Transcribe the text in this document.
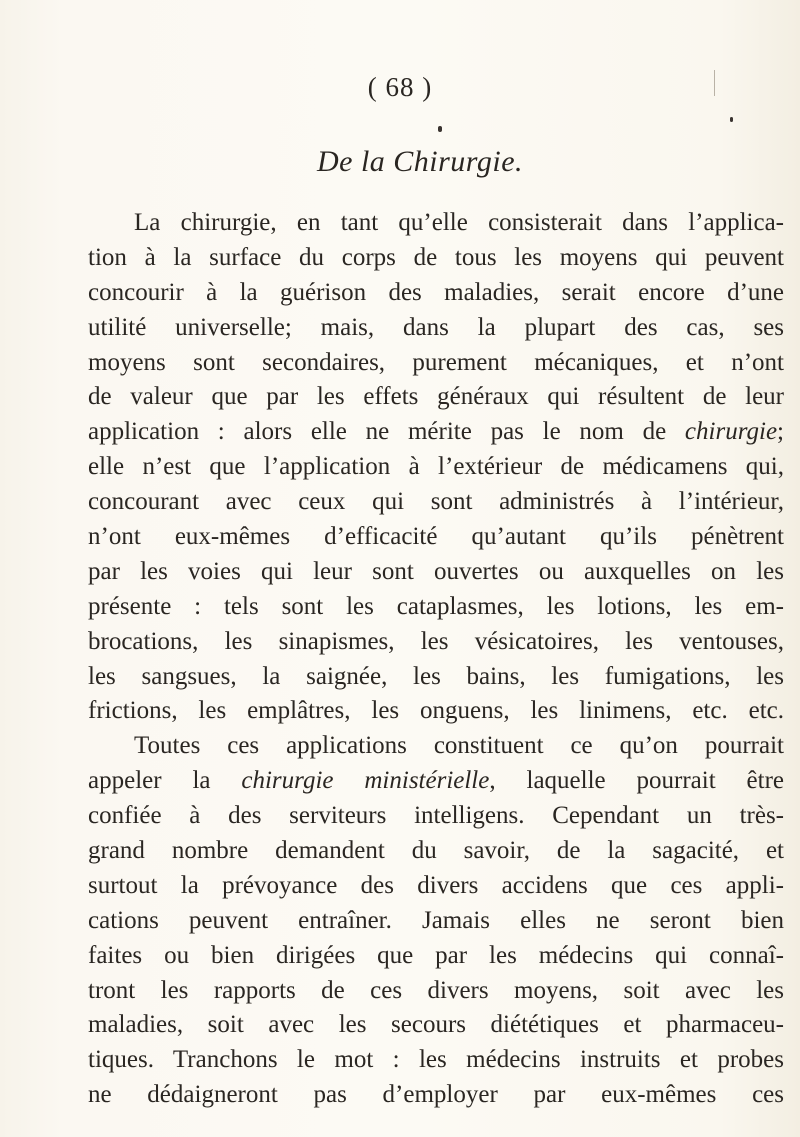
( 68 )
De la Chirurgie.
La chirurgie, en tant qu’elle consisterait dans l’applica-
tion à la surface du corps de tous les moyens qui peuvent
concourir à la guérison des maladies, serait encore d’une
utilité universelle; mais, dans la plupart des cas, ses
moyens sont secondaires, purement mécaniques, et n’ont
de valeur que par les effets généraux qui résultent de leur
application : alors elle ne mérite pas le nom de chirurgie;
elle n’est que l’application à l’extérieur de médicamens qui,
concourant avec ceux qui sont administrés à l’intérieur,
n’ont eux-mêmes d’efficacité qu’autant qu’ils pénètrent
par les voies qui leur sont ouvertes ou auxquelles on les
présente : tels sont les cataplasmes, les lotions, les em-
brocations, les sinapismes, les vésicatoires, les ventouses,
les sangsues, la saignée, les bains, les fumigations, les
frictions, les emplâtres, les onguens, les linimens, etc. etc.
Toutes ces applications constituent ce qu’on pourrait
appeler la chirurgie ministérielle, laquelle pourrait être
confiée à des serviteurs intelligens. Cependant un très-
grand nombre demandent du savoir, de la sagacité, et
surtout la prévoyance des divers accidens que ces appli-
cations peuvent entraîner. Jamais elles ne seront bien
faites ou bien dirigées que par les médecins qui connaî-
tront les rapports de ces divers moyens, soit avec les
maladies, soit avec les secours diététiques et pharmaceu-
tiques. Tranchons le mot : les médecins instruits et probes
ne dédaigneront pas d’employer par eux-mêmes ces
